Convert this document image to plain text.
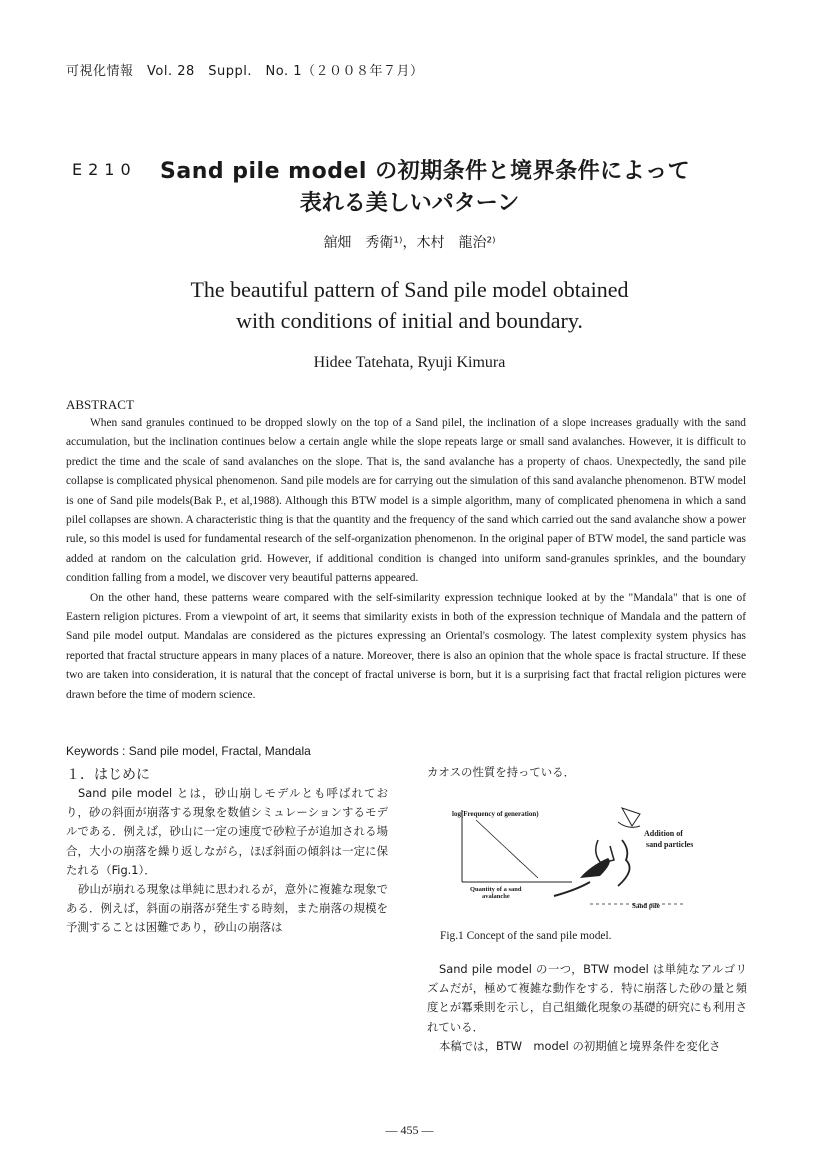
可視化情報　Vol. 28　Suppl.　No. 1（２００８年７月）
E210 Sand pile model の初期条件と境界条件によって
表れる美しいパターン
舘畑　秀衛¹⁾，木村　龍治²⁾
The beautiful pattern of Sand pile model obtained
with conditions of initial and boundary.
Hidee Tatehata, Ryuji Kimura
ABSTRACT

When sand granules continued to be dropped slowly on the top of a Sand pilel, the inclination of a slope increases gradually with the sand accumulation, but the inclination continues below a certain angle while the slope repeats large or small sand avalanches. However, it is difficult to predict the time and the scale of sand avalanches on the slope. That is, the sand avalanche has a property of chaos. Unexpectedly, the sand pile collapse is complicated physical phenomenon. Sand pile models are for carrying out the simulation of this sand avalanche phenomenon. BTW model is one of Sand pile models(Bak P., et al,1988). Although this BTW model is a simple algorithm, many of complicated phenomena in which a sand pilel collapses are shown. A characteristic thing is that the quantity and the frequency of the sand which carried out the sand avalanche show a power rule, so this model is used for fundamental research of the self-organization phenomenon. In the original paper of BTW model, the sand particle was added at random on the calculation grid. However, if additional condition is changed into uniform sand-granules sprinkles, and the boundary condition falling from a model, we discover very beautiful patterns appeared.

On the other hand, these patterns weare compared with the self-similarity expression technique looked at by the "Mandala" that is one of Eastern religion pictures. From a viewpoint of art, it seems that similarity exists in both of the expression technique of Mandala and the pattern of Sand pile model output. Mandalas are considered as the pictures expressing an Oriental's cosmology. The latest complexity system physics has reported that fractal structure appears in many places of a nature. Moreover, there is also an opinion that the whole space is fractal structure. If these two are taken into consideration, it is natural that the concept of fractal universe is born, but it is a surprising fact that fractal religion pictures were drawn before the time of modern science.

Keywords : Sand pile model, Fractal, Mandala
１．はじめに

Sand pile model とは，砂山崩しモデルとも呼ばれており，砂の斜面が崩落する現象を数値シミュレーションするモデルである．例えば，砂山に一定の速度で砂粒子が追加される場合，大小の崩落を繰り返しながら，ほぼ斜面の傾斜は一定に保たれる（Fig.1）．

砂山が崩れる現象は単純に思われるが，意外に複雑な現象である．例えば，斜面の崩落が発生する時刻，また崩落の規模を予測することは困難であり，砂山の崩落は

カオスの性質を持っている．
log(Frequency of generation)
Quantity of a sand
avalanche
Addition of
sand particles
Sand pile
Fig.1 Concept of the sand pile model.

Sand pile model の一つ，BTW model は単純なアルゴリズムだが，極めて複雑な動作をする．特に崩落した砂の量と頻度とが冪乗則を示し，自己組織化現象の基礎的研究にも利用されている．

本稿では，BTW　model の初期値と境界条件を変化さ

― 455 ―
